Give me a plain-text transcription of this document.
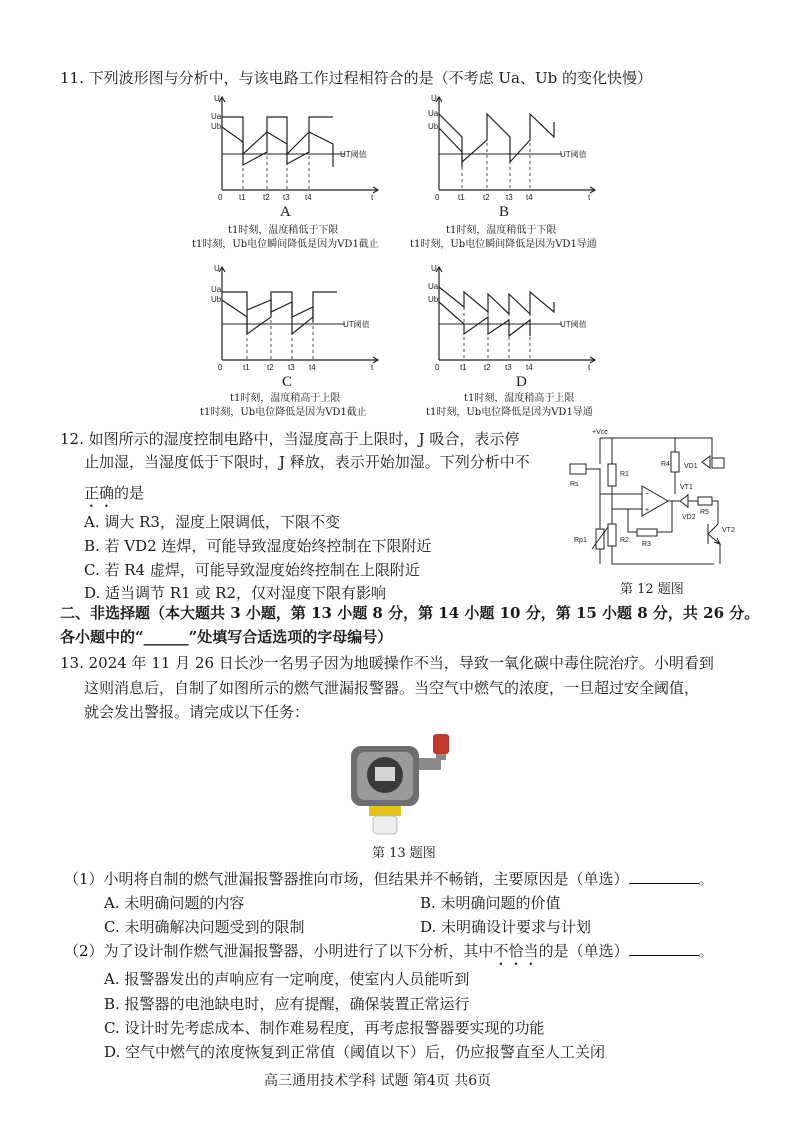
11. 下列波形图与分析中，与该电路工作过程相符合的是（不考虑 Ua、Ub 的变化快慢）
U
Ua
Ub
0 t1 t2 t3 t4	t
UT阈值
A
t1时刻，温度稍低于下限
t1时刻，Ub电位瞬间降低是因为VD1截止
U
Ua
Ub
0 t1 t2 t3 t4	t
UT阈值
B
t1时刻，温度稍低于下限
t1时刻，Ub电位瞬间降低是因为VD1导通
U
Ua
Ub
0	t1 t2 t3 t4	t
UT阈值
C
t1时刻，温度稍高于上限
t1时刻，Ub电位降低是因为VD1截止
U
Ua
Ub
0	t1 t2 t3 t4	t
UT阈值
D
t1时刻，温度稍高于上限
t1时刻，Ub电位降低是因为VD1导通
12. 如图所示的湿度控制电路中，当湿度高于上限时，J 吸合，表示停
止加湿，当湿度低于下限时，J 释放，表示开始加湿。下列分析中不
正确的是
A. 调大 R3，湿度上限调低，下限不变
B. 若 VD2 连焊，可能导致湿度始终控制在下限附近
C. 若 R4 虚焊，可能导致湿度始终控制在上限附近
D. 适当调节 R1 或 R2，仅对湿度下限有影响
+Vcc
R1
R2
R3
R4
R5
Rs
Rp1
VD1
VD2
VT1
VT2
−
+
第 12 题图
二、非选择题（本大题共 3 小题，第 13 小题 8 分，第 14 小题 10 分，第 15 小题 8 分，共 26 分。
各小题中的“______”处填写合适选项的字母编号）
13. 2024 年 11 月 26 日长沙一名男子因为地暖操作不当，导致一氧化碳中毒住院治疗。小明看到
这则消息后，自制了如图所示的燃气泄漏报警器。当空气中燃气的浓度，一旦超过安全阈值，
就会发出警报。请完成以下任务：
第 13 题图
（1）小明将自制的燃气泄漏报警器推向市场，但结果并不畅销，主要原因是（单选）	。
A. 未明确问题的内容	B. 未明确问题的价值
C. 未明确解决问题受到的限制	D. 未明确设计要求与计划
（2）为了设计制作燃气泄漏报警器，小明进行了以下分析，其中不恰当的是（单选）	。
A. 报警器发出的声响应有一定响度，使室内人员能听到
B. 报警器的电池缺电时，应有提醒，确保装置正常运行
C. 设计时先考虑成本、制作难易程度，再考虑报警器要实现的功能
D. 空气中燃气的浓度恢复到正常值（阈值以下）后，仍应报警直至人工关闭
高三通用技术学科 试题 第4页 共6页
